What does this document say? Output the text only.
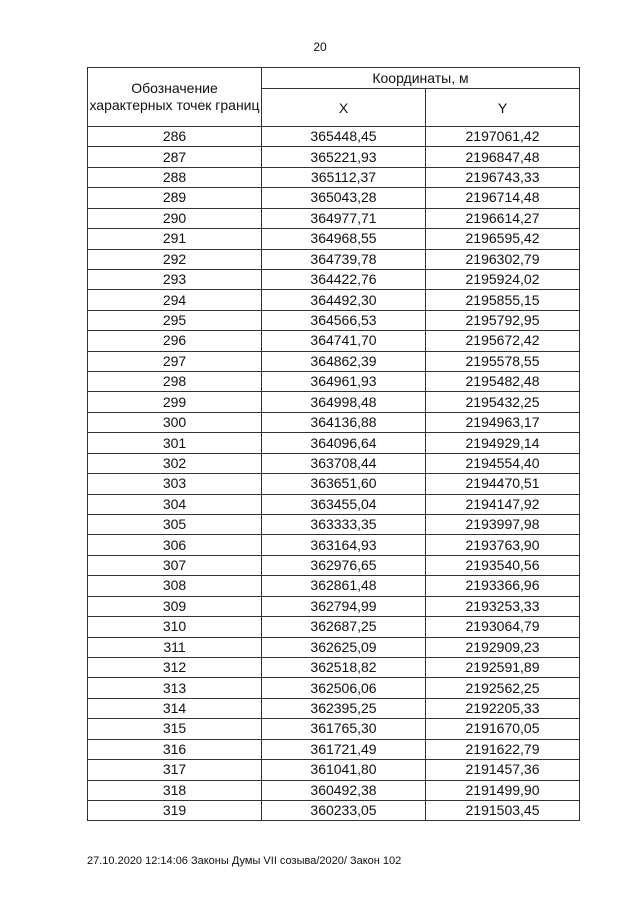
20
Обозначение характерных точек границ	Координаты, м	
	X	Y
286	365448,45	2197061,42
287	365221,93	2196847,48
288	365112,37	2196743,33
289	365043,28	2196714,48
290	364977,71	2196614,27
291	364968,55	2196595,42
292	364739,78	2196302,79
293	364422,76	2195924,02
294	364492,30	2195855,15
295	364566,53	2195792,95
296	364741,70	2195672,42
297	364862,39	2195578,55
298	364961,93	2195482,48
299	364998,48	2195432,25
300	364136,88	2194963,17
301	364096,64	2194929,14
302	363708,44	2194554,40
303	363651,60	2194470,51
304	363455,04	2194147,92
305	363333,35	2193997,98
306	363164,93	2193763,90
307	362976,65	2193540,56
308	362861,48	2193366,96
309	362794,99	2193253,33
310	362687,25	2193064,79
311	362625,09	2192909,23
312	362518,82	2192591,89
313	362506,06	2192562,25
314	362395,25	2192205,33
315	361765,30	2191670,05
316	361721,49	2191622,79
317	361041,80	2191457,36
318	360492,38	2191499,90
319	360233,05	2191503,45
27.10.2020 12:14:06 Законы Думы VII созыва/2020/ Закон 102
